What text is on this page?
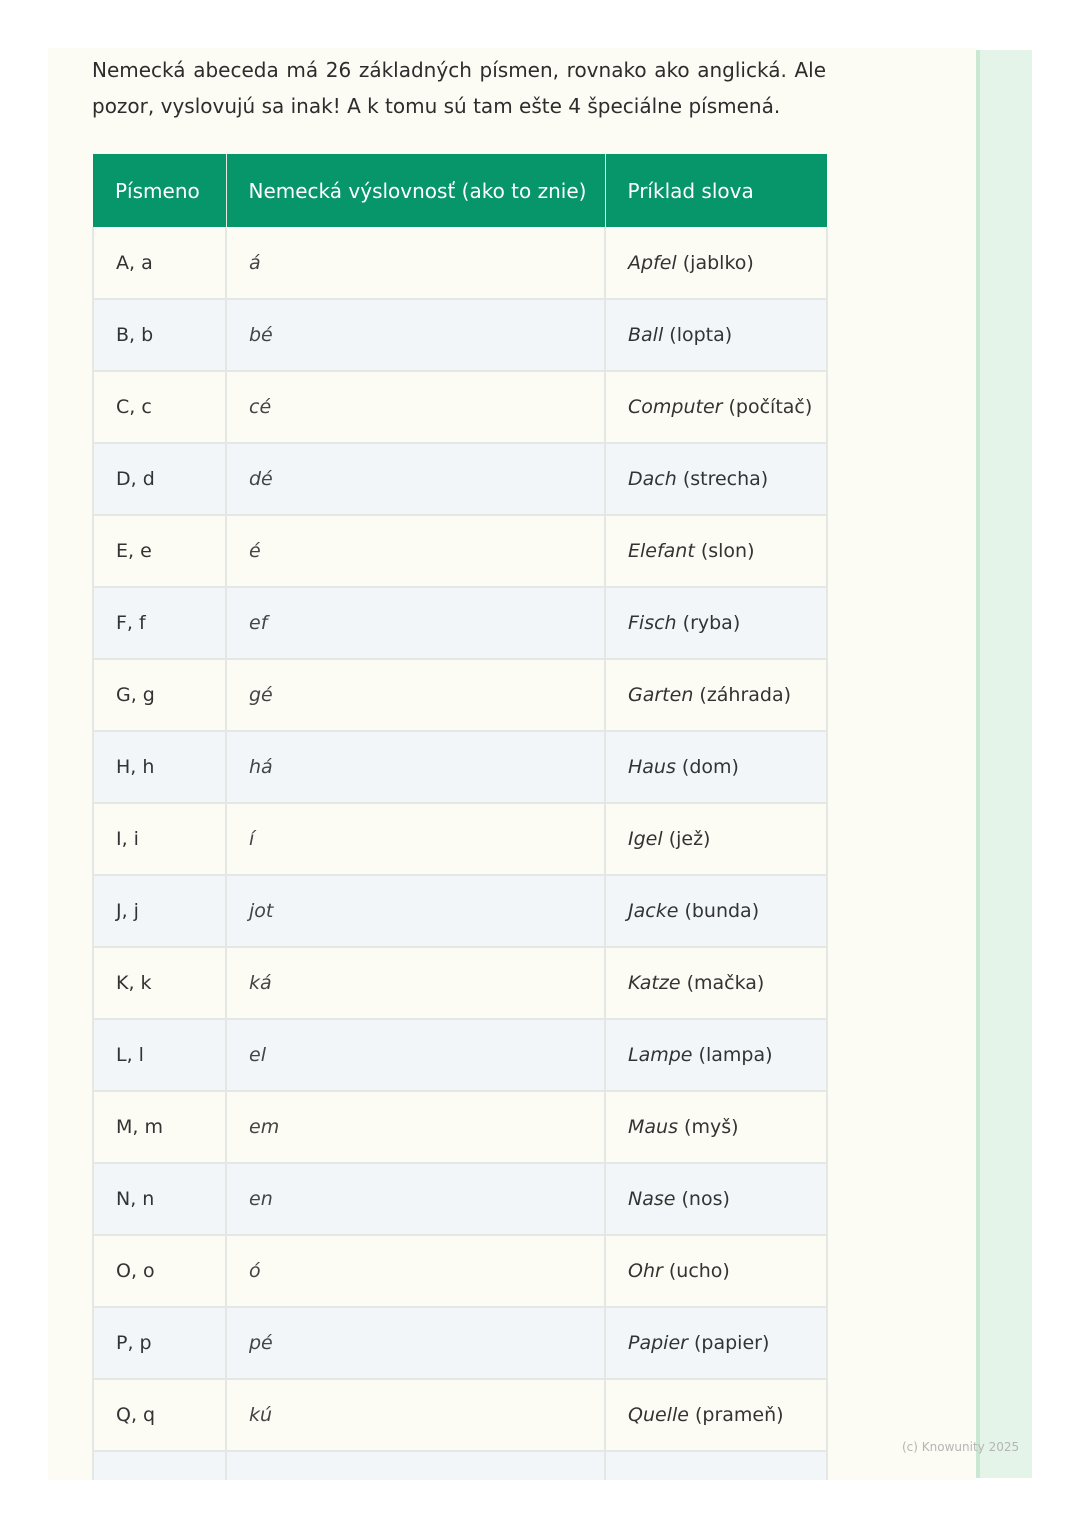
Nemecká abeceda má 26 základných písmen, rovnako ako anglická. Ale pozor, vyslovujú sa inak! A k tomu sú tam ešte 4 špeciálne písmená.

Písmeno	Nemecká výslovnosť (ako to znie)	Príklad slova
A, a	á	Apfel (jablko)
B, b	bé	Ball (lopta)
C, c	cé	Computer (počítač)
D, d	dé	Dach (strecha)
E, e	é	Elefant (slon)
F, f	ef	Fisch (ryba)
G, g	gé	Garten (záhrada)
H, h	há	Haus (dom)
I, i	í	Igel (jež)
J, j	jot	Jacke (bunda)
K, k	ká	Katze (mačka)
L, l	el	Lampe (lampa)
M, m	em	Maus (myš)
N, n	en	Nase (nos)
O, o	ó	Ohr (ucho)
P, p	pé	Papier (papier)
Q, q	kú	Quelle (prameň)

(c) Knowunity 2025
